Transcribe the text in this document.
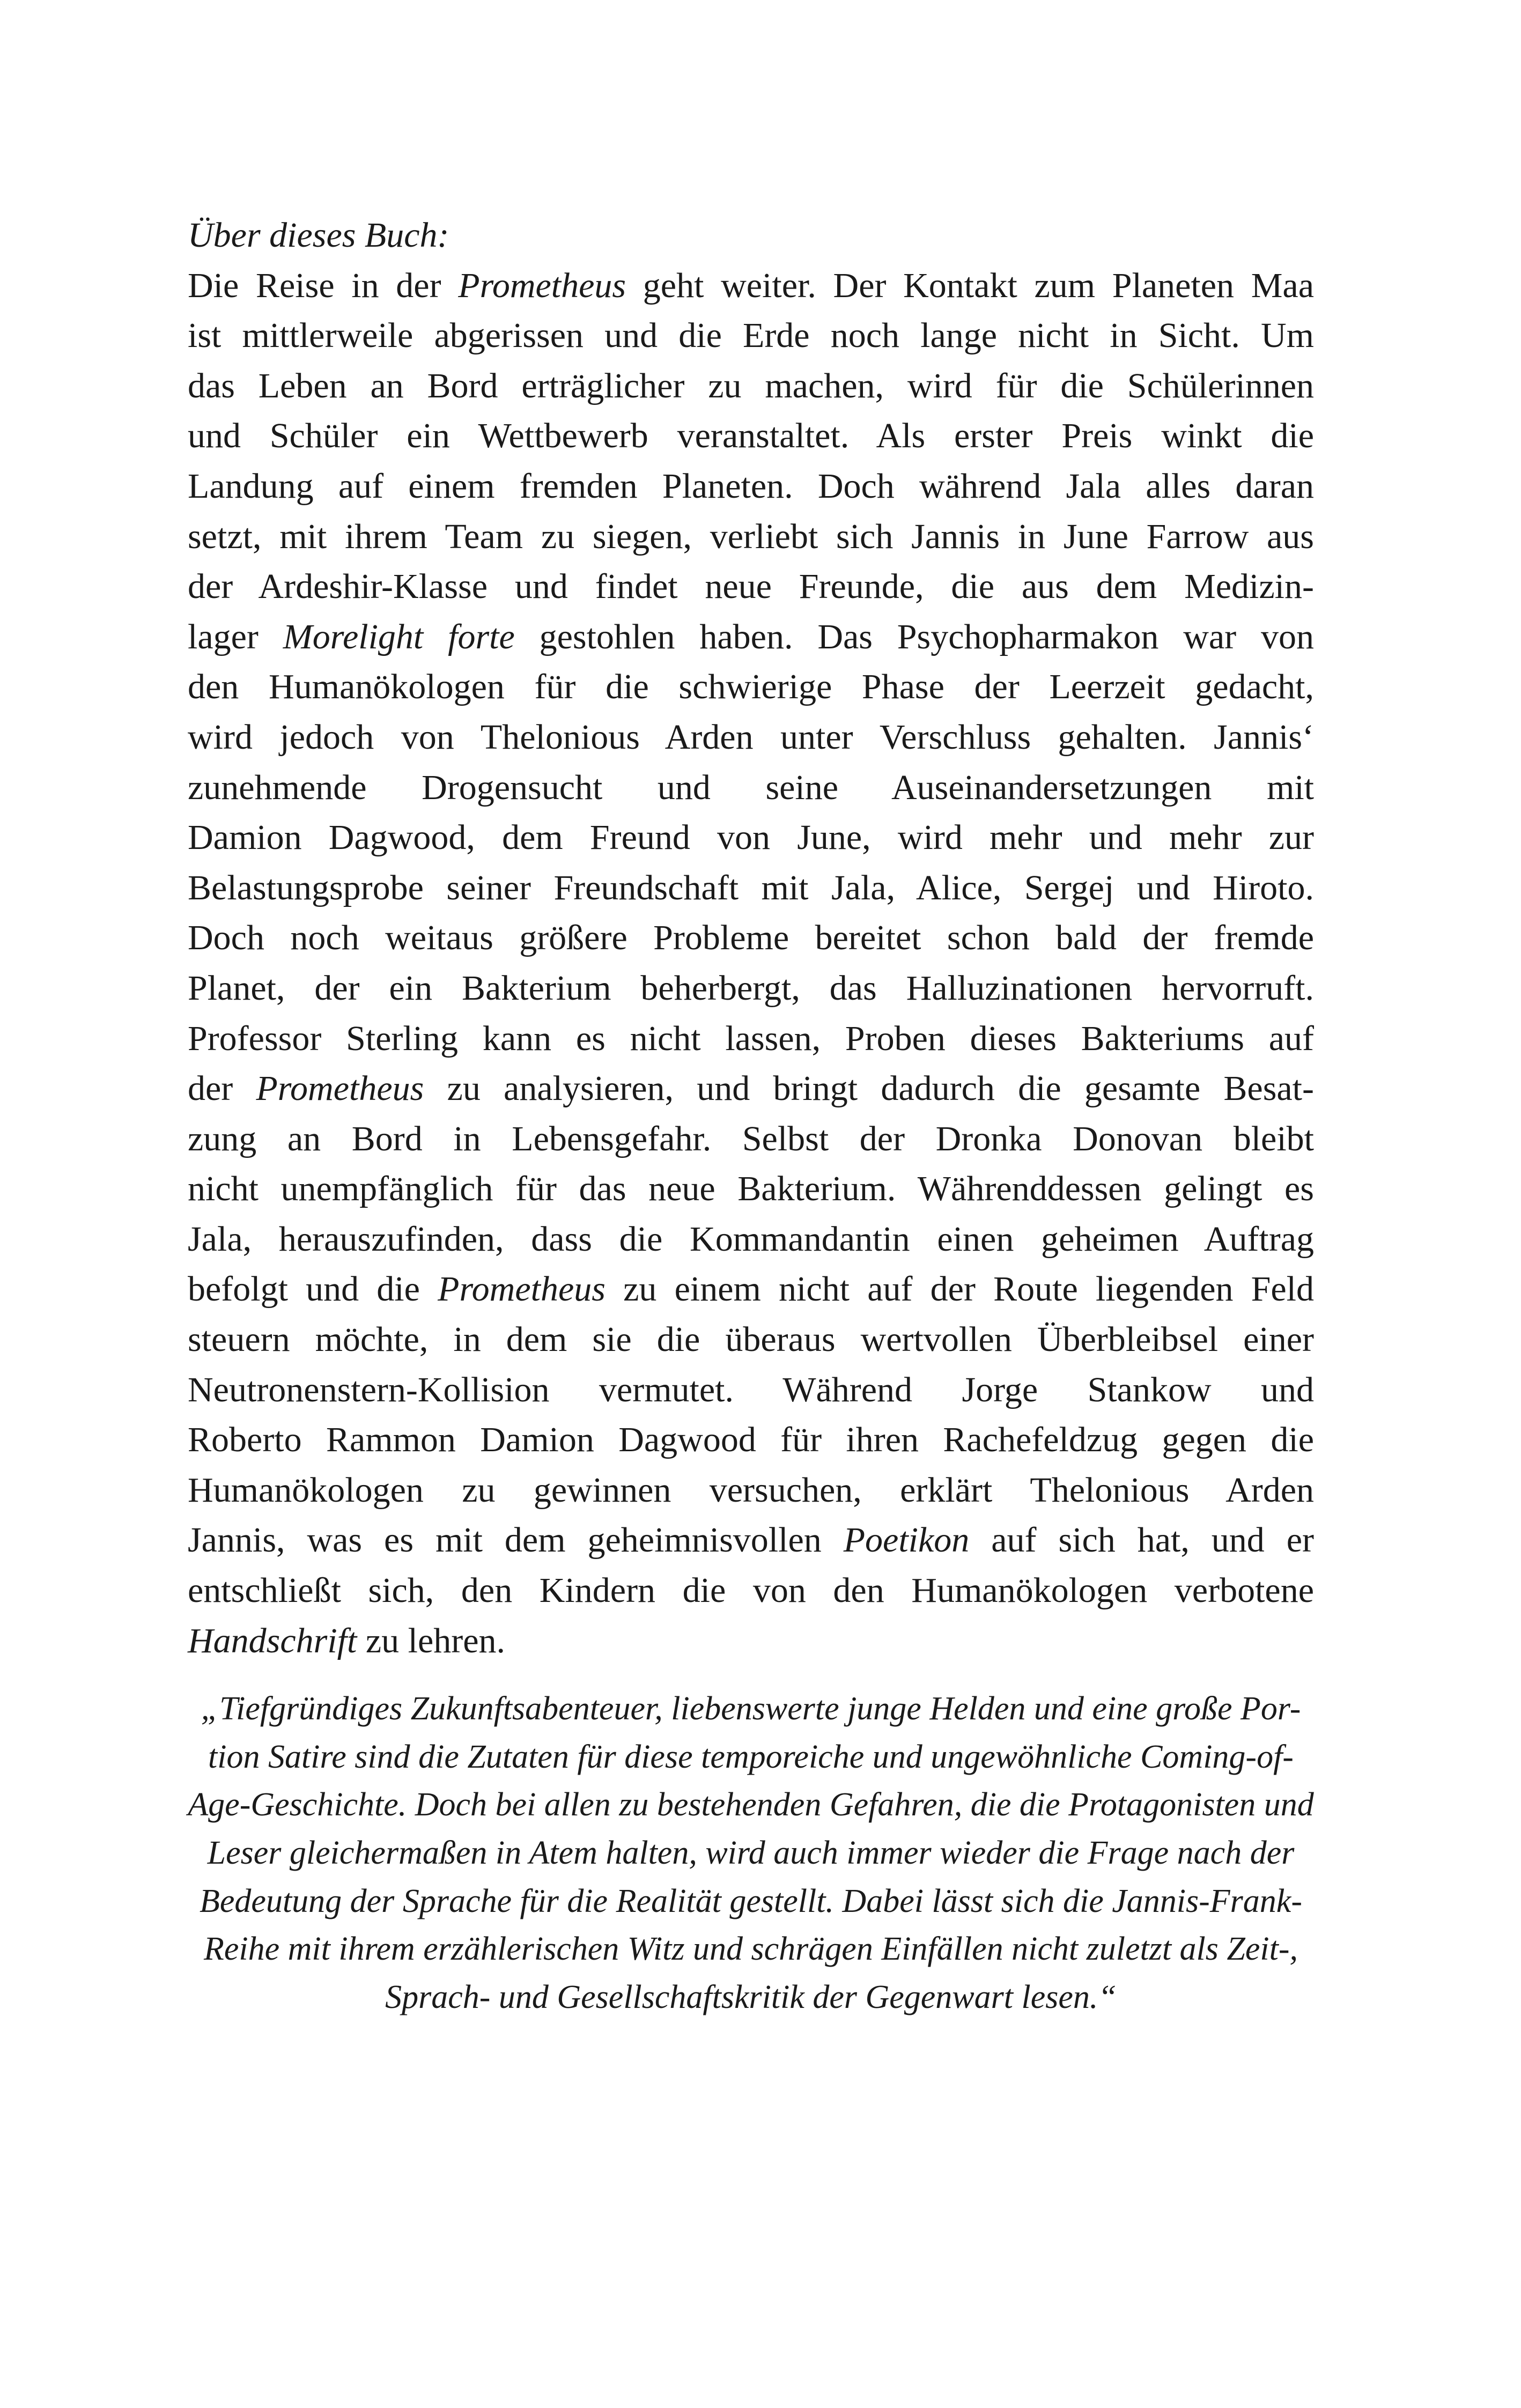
Über dieses Buch:

Die Reise in der Prometheus geht weiter. Der Kontakt zum Planeten Maa
ist mittlerweile abgerissen und die Erde noch lange nicht in Sicht. Um
das Leben an Bord erträglicher zu machen, wird für die Schülerinnen
und Schüler ein Wettbewerb veranstaltet. Als erster Preis winkt die
Landung auf einem fremden Planeten. Doch während Jala alles daran
setzt, mit ihrem Team zu siegen, verliebt sich Jannis in June Farrow aus
der Ardeshir-Klasse und findet neue Freunde, die aus dem Medizin-
lager Morelight forte gestohlen haben. Das Psychopharmakon war von
den Humanökologen für die schwierige Phase der Leerzeit gedacht,
wird jedoch von Thelonious Arden unter Verschluss gehalten. Jannis‘
zunehmende Drogensucht und seine Auseinandersetzungen mit
Damion Dagwood, dem Freund von June, wird mehr und mehr zur
Belastungsprobe seiner Freundschaft mit Jala, Alice, Sergej und Hiroto.
Doch noch weitaus größere Probleme bereitet schon bald der fremde
Planet, der ein Bakterium beherbergt, das Halluzinationen hervorruft.
Professor Sterling kann es nicht lassen, Proben dieses Bakteriums auf
der Prometheus zu analysieren, und bringt dadurch die gesamte Besat-
zung an Bord in Lebensgefahr. Selbst der Dronka Donovan bleibt
nicht unempfänglich für das neue Bakterium. Währenddessen gelingt es
Jala, herauszufinden, dass die Kommandantin einen geheimen Auftrag
befolgt und die Prometheus zu einem nicht auf der Route liegenden Feld
steuern möchte, in dem sie die überaus wertvollen Überbleibsel einer
Neutronenstern-Kollision vermutet. Während Jorge Stankow und
Roberto Rammon Damion Dagwood für ihren Rachefeldzug gegen die
Humanökologen zu gewinnen versuchen, erklärt Thelonious Arden
Jannis, was es mit dem geheimnisvollen Poetikon auf sich hat, und er
entschließt sich, den Kindern die von den Humanökologen verbotene
Handschrift zu lehren.
„Tiefgründiges Zukunftsabenteuer, liebenswerte junge Helden und eine große Por-
tion Satire sind die Zutaten für diese temporeiche und ungewöhnliche Coming-of-
Age-Geschichte. Doch bei allen zu bestehenden Gefahren, die die Protagonisten und
Leser gleichermaßen in Atem halten, wird auch immer wieder die Frage nach der
Bedeutung der Sprache für die Realität gestellt. Dabei lässt sich die Jannis-Frank-
Reihe mit ihrem erzählerischen Witz und schrägen Einfällen nicht zuletzt als Zeit-,
Sprach- und Gesellschaftskritik der Gegenwart lesen.“
